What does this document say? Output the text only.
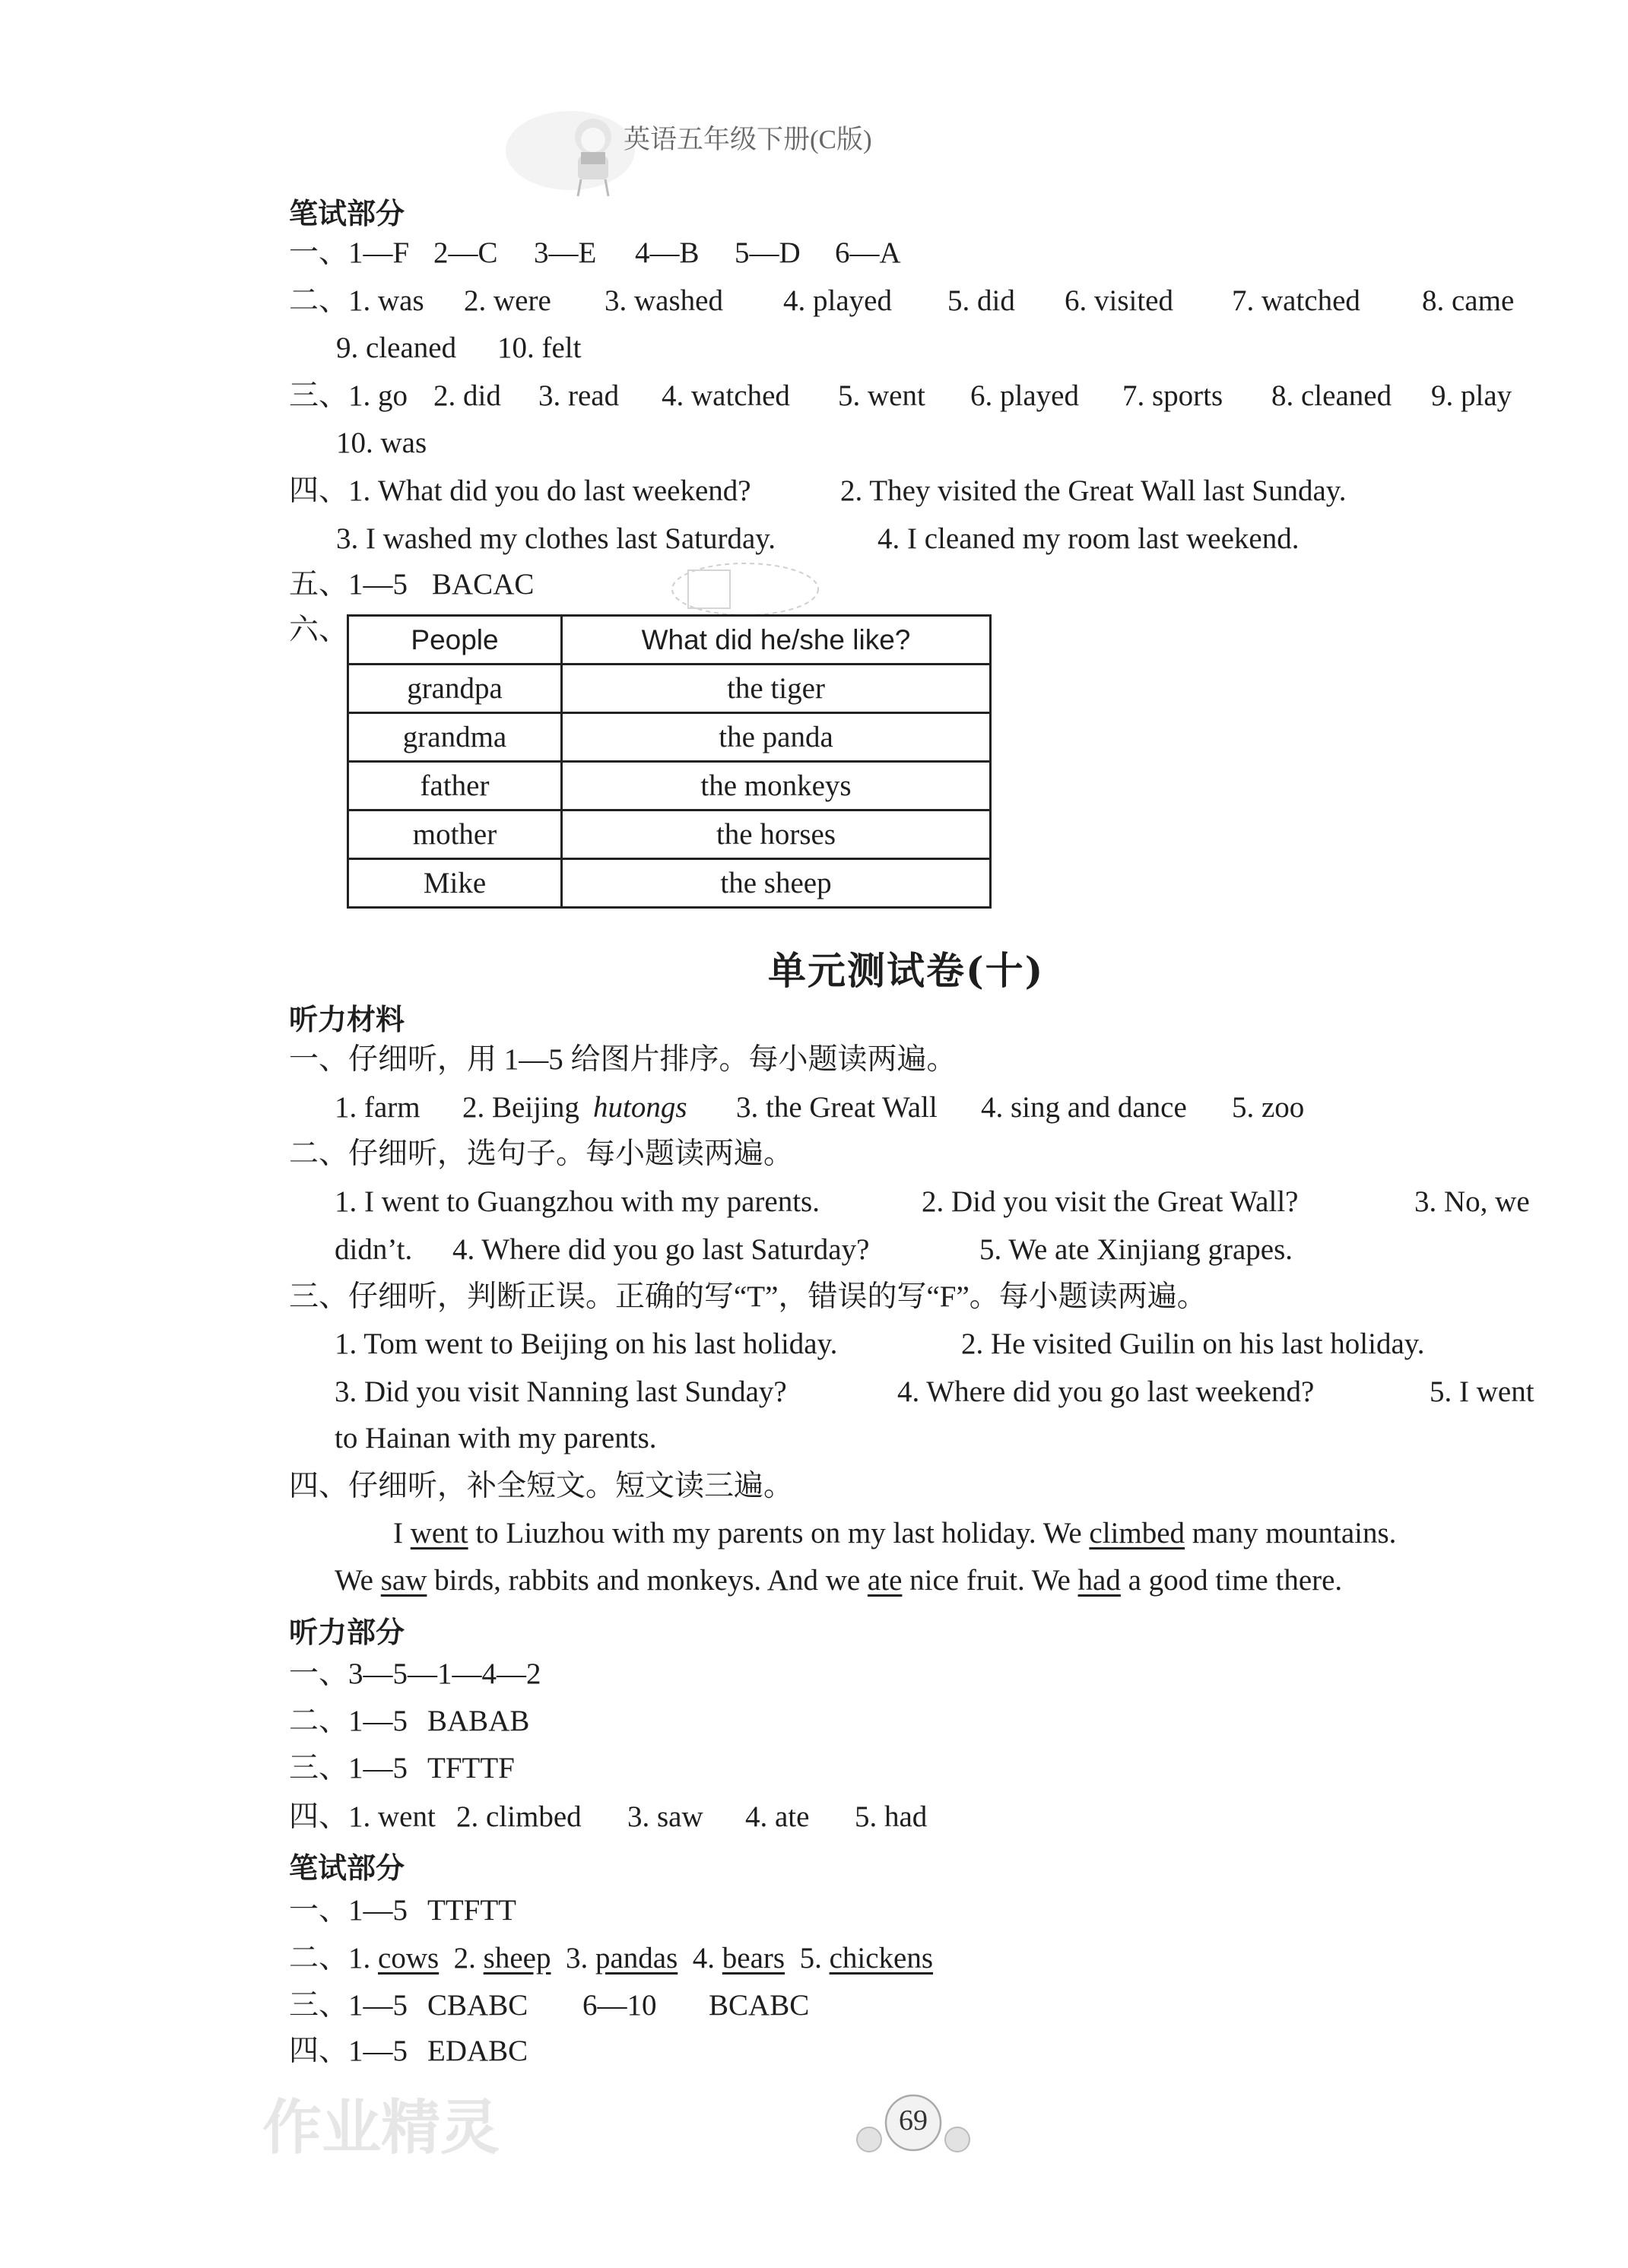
英语五年级下册(C版)
笔试部分
一、1—F 2—C 3—E 4—B 5—D 6—A
二、1. was 2. were 3. washed 4. played 5. did 6. visited 7. watched 8. came
9. cleaned 10. felt
三、1. go 2. did 3. read 4. watched 5. went 6. played 7. sports 8. cleaned 9. play
10. was
四、1. What did you do last weekend?	2. They visited the Great Wall last Sunday.
3. I washed my clothes last Saturday.	4. I cleaned my room last weekend.
五、1—5 BACAC
六、 People	What did he/she like?
grandpa	the tiger
grandma	the panda
father	the monkeys
mother	the horses
Mike	the sheep
单元测试卷(十)
听力材料
一、仔细听，用 1—5 给图片排序。每小题读两遍。
1. farm 2. Beijing hutongs 3. the Great Wall 4. sing and dance 5. zoo
二、仔细听，选句子。每小题读两遍。
1. I went to Guangzhou with my parents.	2. Did you visit the Great Wall?	3. No, we
didn’t. 4. Where did you go last Saturday?	5. We ate Xinjiang grapes.
三、仔细听，判断正误。正确的写“T”，错误的写“F”。每小题读两遍。
1. Tom went to Beijing on his last holiday.	2. He visited Guilin on his last holiday.
3. Did you visit Nanning last Sunday?	4. Where did you go last weekend?	5. I went
to Hainan with my parents.
四、仔细听，补全短文。短文读三遍。
I went to Liuzhou with my parents on my last holiday. We climbed many mountains.
We saw birds, rabbits and monkeys. And we ate nice fruit. We had a good time there.
听力部分
一、3—5—1—4—2
二、1—5 BABAB
三、1—5 TFTTF
四、1. went 2. climbed 3. saw 4. ate 5. had
笔试部分
一、1—5 TTFTT
二、1. cows 2. sheep 3. pandas 4. bears 5. chickens
三、1—5 CBABC 6—10 BCABC
四、1—5 EDABC
作业精灵	69
